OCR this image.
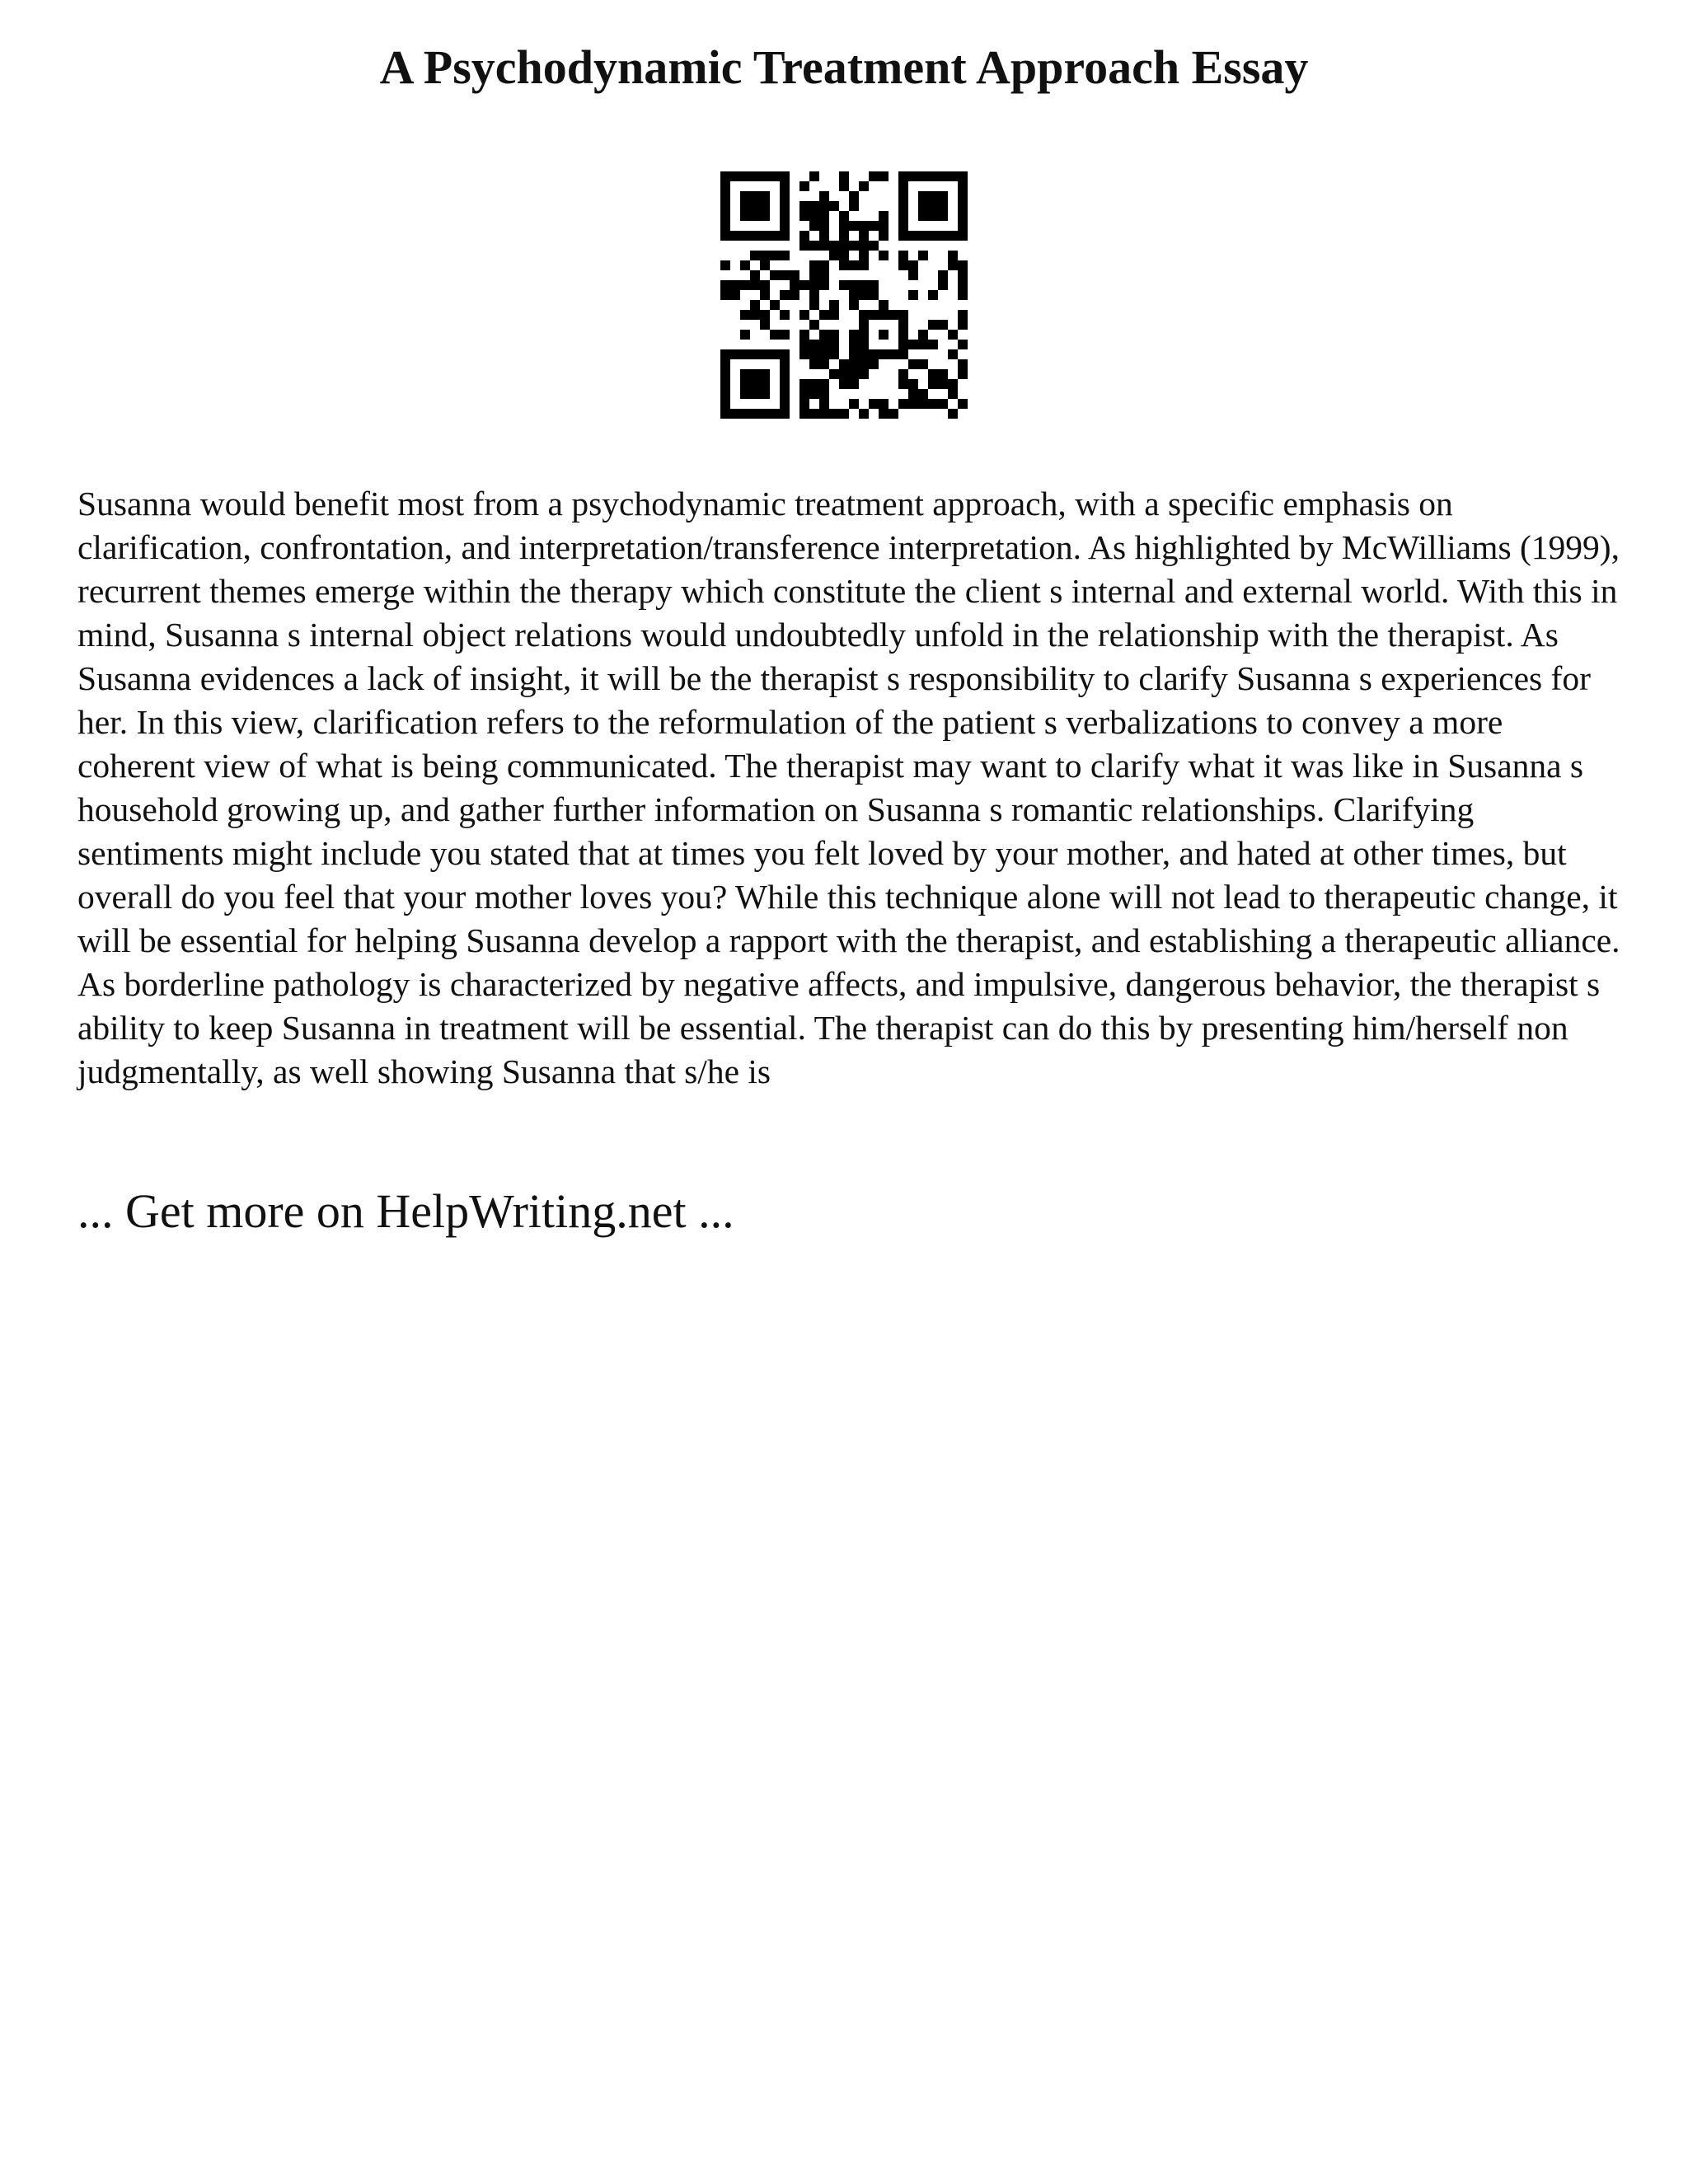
A Psychodynamic Treatment Approach Essay

Susanna would benefit most from a psychodynamic treatment approach, with a specific emphasis on clarification, confrontation, and interpretation/transference interpretation. As highlighted by McWilliams (1999), recurrent themes emerge within the therapy which constitute the client s internal and external world. With this in mind, Susanna s internal object relations would undoubtedly unfold in the relationship with the therapist. As Susanna evidences a lack of insight, it will be the therapist s responsibility to clarify Susanna s experiences for her. In this view, clarification refers to the reformulation of the patient s verbalizations to convey a more coherent view of what is being communicated. The therapist may want to clarify what it was like in Susanna s household growing up, and gather further information on Susanna s romantic relationships. Clarifying sentiments might include you stated that at times you felt loved by your mother, and hated at other times, but overall do you feel that your mother loves you? While this technique alone will not lead to therapeutic change, it will be essential for helping Susanna develop a rapport with the therapist, and establishing a therapeutic alliance. As borderline pathology is characterized by negative affects, and impulsive, dangerous behavior, the therapist s ability to keep Susanna in treatment will be essential. The therapist can do this by presenting him/herself non judgmentally, as well showing Susanna that s/he is

... Get more on HelpWriting.net ...
